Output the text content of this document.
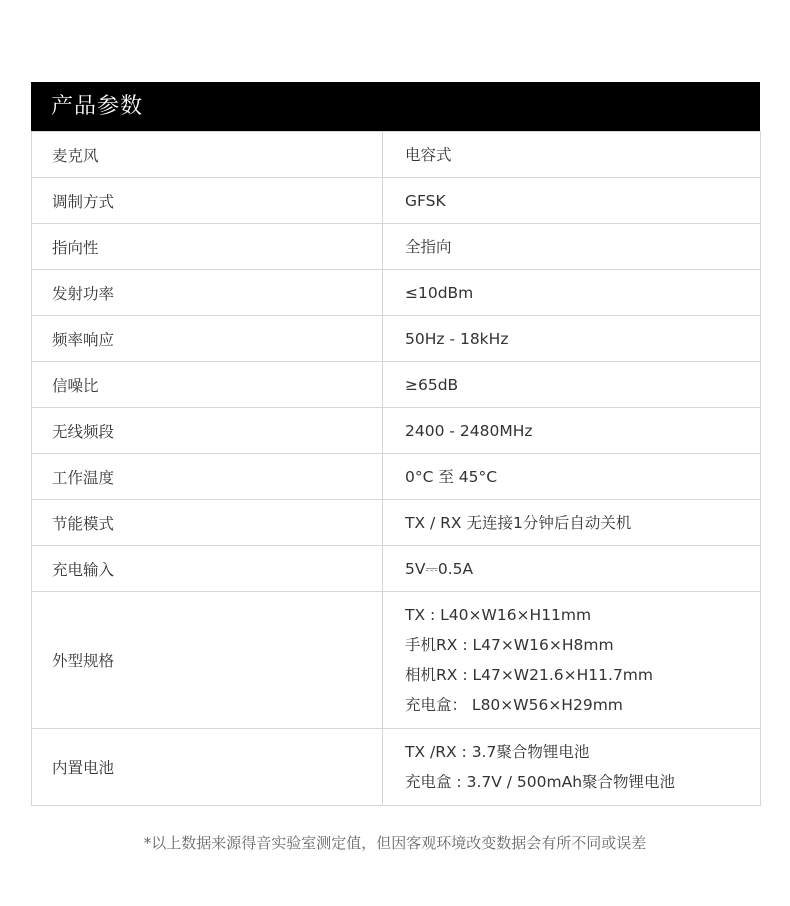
产品参数
麦克风	电容式

调制方式	GFSK

指向性	全指向

发射功率	≤10dBm

频率响应	50Hz - 18kHz

信噪比	≥65dB

无线频段	2400 - 2480MHz

工作温度	0°C 至 45°C

节能模式	TX / RX 无连接1分钟后自动关机

充电输入	5V⎓0.5A

外型规格	TX : L40×W16×H11mm
手机RX : L47×W16×H8mm
相机RX : L47×W21.6×H11.7mm
充电盒： L80×W56×H29mm

内置电池	TX /RX : 3.7聚合物锂电池
充电盒 : 3.7V / 500mAh聚合物锂电池
*以上数据来源得音实验室测定值，但因客观环境改变数据会有所不同或误差
